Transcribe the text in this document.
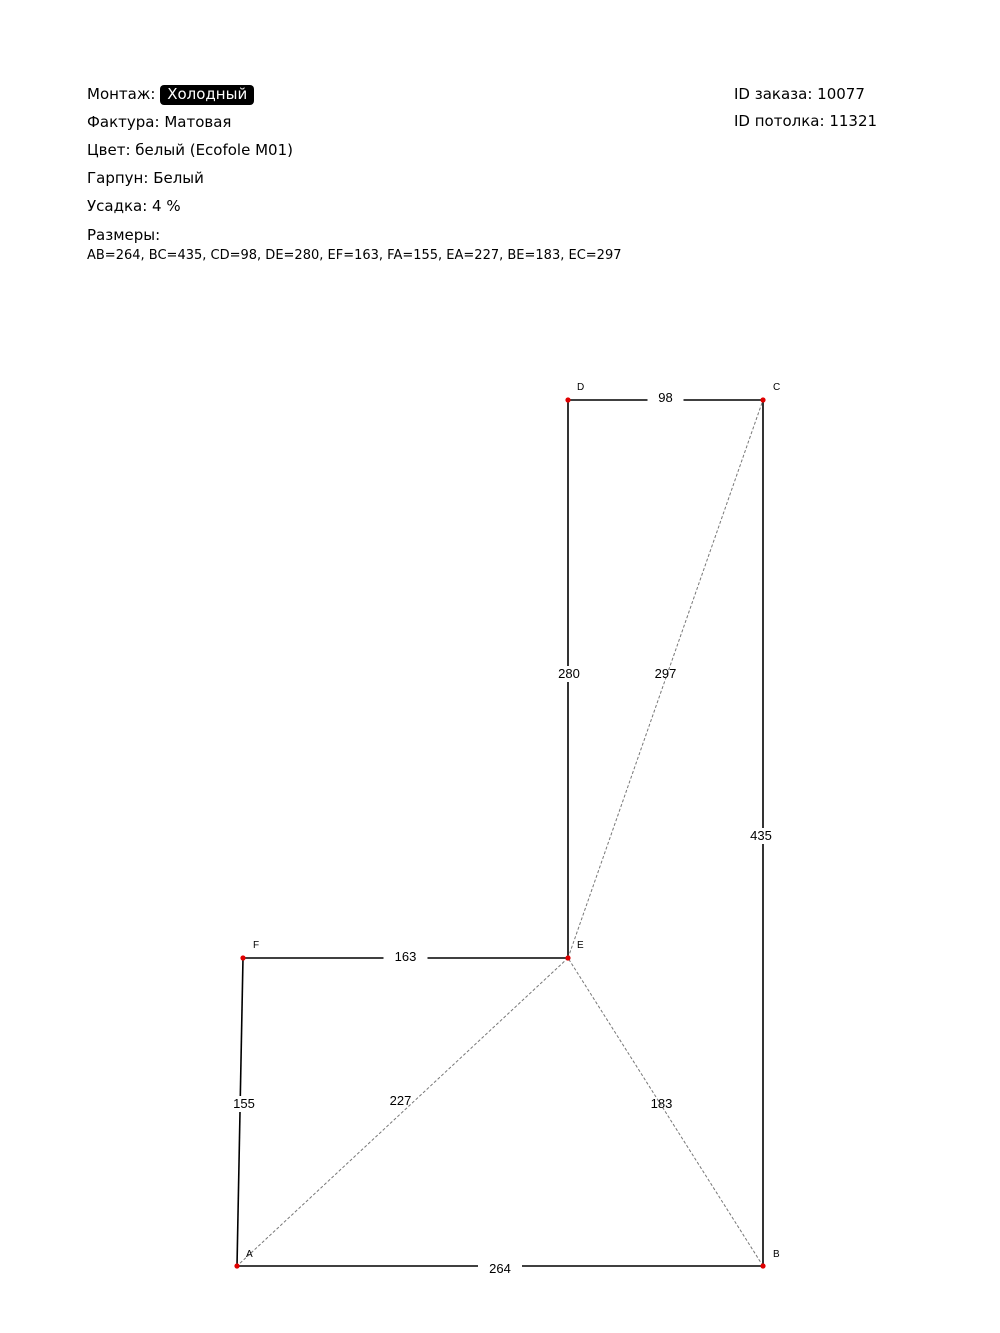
Монтаж: Холодный
Фактура: Матовая
Цвет: белый (Ecofole M01)
Гарпун: Белый
Усадка: 4 %
Размеры:
AB=264, BC=435, CD=98, DE=280, EF=163, FA=155, EA=227, BE=183, EC=297
ID заказа: 10077
ID потолка: 11321
264
435
98
280
163
155	227	183
297
A	B
C
D
E
F
